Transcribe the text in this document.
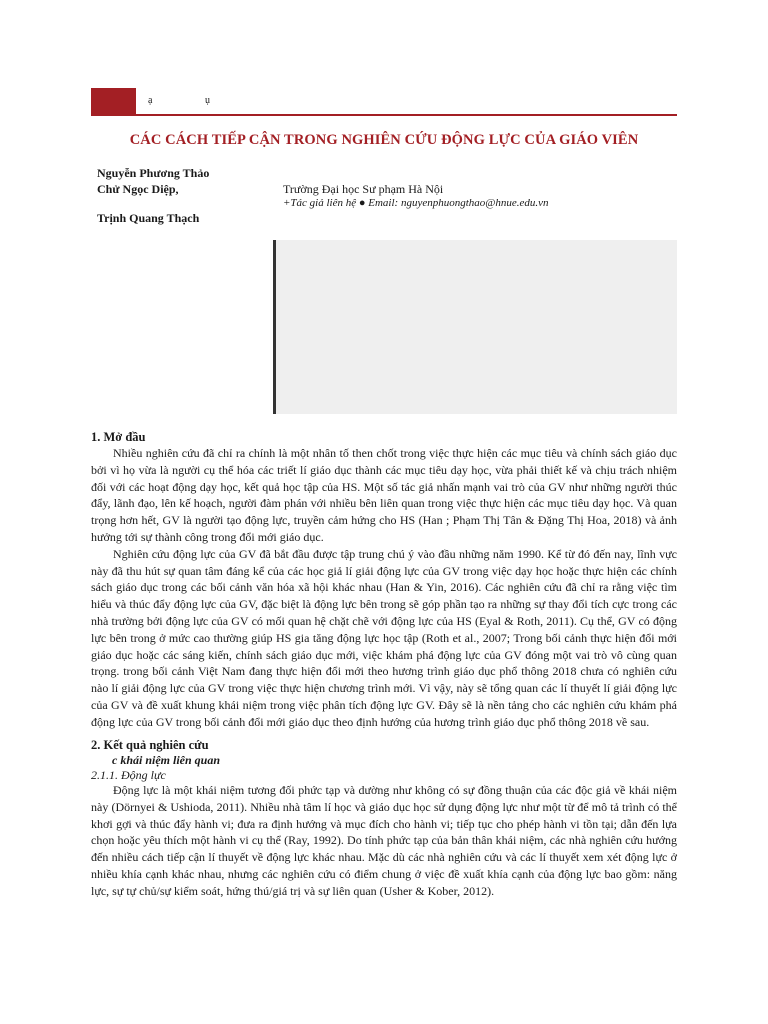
ạ	ụ
CÁC CÁCH TIẾP CẬN TRONG NGHIÊN CỨU ĐỘNG LỰC CỦA GIÁO VIÊN
Nguyễn Phương Thảo
Chử Ngọc Diệp,
Trịnh Quang Thạch
Trường Đại học Sư phạm Hà Nội
+Tác giả liên hệ ● Email: nguyenphuongthao@hnue.edu.vn
1. Mở đầu

Nhiều nghiên cứu đã chỉ ra chính là một nhân tố then chốt trong việc thực hiện các mục tiêu và chính sách giáo dục bởi vì họ vừa là người cụ thể hóa các triết lí giáo dục thành các mục tiêu dạy học, vừa phải thiết kế và chịu trách nhiệm đối với các hoạt động dạy học, kết quả học tập của HS. Một số tác giả nhấn mạnh vai trò của GV như những người thúc đẩy, lãnh đạo, lên kế hoạch, người đàm phán với nhiều bên liên quan trong việc thực hiện các mục tiêu dạy học. Và quan trọng hơn hết, GV là người tạo động lực, truyền cảm hứng cho HS (Han ; Phạm Thị Tân & Đặng Thị Hoa, 2018) và ảnh hưởng tới sự thành công trong đổi mới giáo dục.

Nghiên cứu động lực của GV đã bắt đầu được tập trung chú ý vào đầu những năm 1990. Kể từ đó đến nay, lĩnh vực này đã thu hút sự quan tâm đáng kể của các học giả lí giải động lực của GV trong việc dạy học hoặc thực hiện các chính sách giáo dục trong các bối cảnh văn hóa xã hội khác nhau (Han & Yin, 2016). Các nghiên cứu đã chỉ ra rằng việc tìm hiểu và thúc đẩy động lực của GV, đặc biệt là động lực bên trong sẽ góp phần tạo ra những sự thay đổi tích cực trong các nhà trường bởi động lực của GV có mối quan hệ chặt chẽ với động lực của HS (Eyal & Roth, 2011). Cụ thể, GV có động lực bên trong ở mức cao thường giúp HS gia tăng động lực học tập (Roth et al., 2007; Trong bối cảnh thực hiện đổi mới giáo dục hoặc các sáng kiến, chính sách giáo dục mới, việc khám phá động lực của GV đóng một vai trò vô cùng quan trọng. trong bối cảnh Việt Nam đang thực hiện đổi mới theo hương trình giáo dục phổ thông 2018 chưa có nghiên cứu nào lí giải động lực của GV trong việc thực hiện chương trình mới. Vì vậy, này sẽ tổng quan các lí thuyết lí giải động lực của GV và đề xuất khung khái niệm trong việc phân tích động lực GV. Đây sẽ là nền tảng cho các nghiên cứu khám phá động lực của GV trong bối cảnh đổi mới giáo dục theo định hướng của hương trình giáo dục phổ thông 2018 về sau.

2. Kết quả nghiên cứu
c khái niệm liên quan
2.1.1. Động lực

Động lực là một khái niệm tương đối phức tạp và dường như không có sự đồng thuận của các độc giả về khái niệm này (Dörnyei & Ushioda, 2011). Nhiều nhà tâm lí học và giáo dục học sử dụng động lực như một từ để mô tả trình có thể khơi gợi và thúc đẩy hành vi; đưa ra định hướng và mục đích cho hành vi; tiếp tục cho phép hành vi tồn tại; dẫn đến lựa chọn hoặc yêu thích một hành vi cụ thể (Ray, 1992). Do tính phức tạp của bản thân khái niệm, các nhà nghiên cứu hướng đến nhiều cách tiếp cận lí thuyết về động lực khác nhau. Mặc dù các nhà nghiên cứu và các lí thuyết xem xét động lực ở nhiều khía cạnh khác nhau, nhưng các nghiên cứu có điểm chung ở việc đề xuất khía cạnh của động lực bao gồm: năng lực, sự tự chủ/sự kiểm soát, hứng thú/giá trị và sự liên quan (Usher & Kober, 2012).
